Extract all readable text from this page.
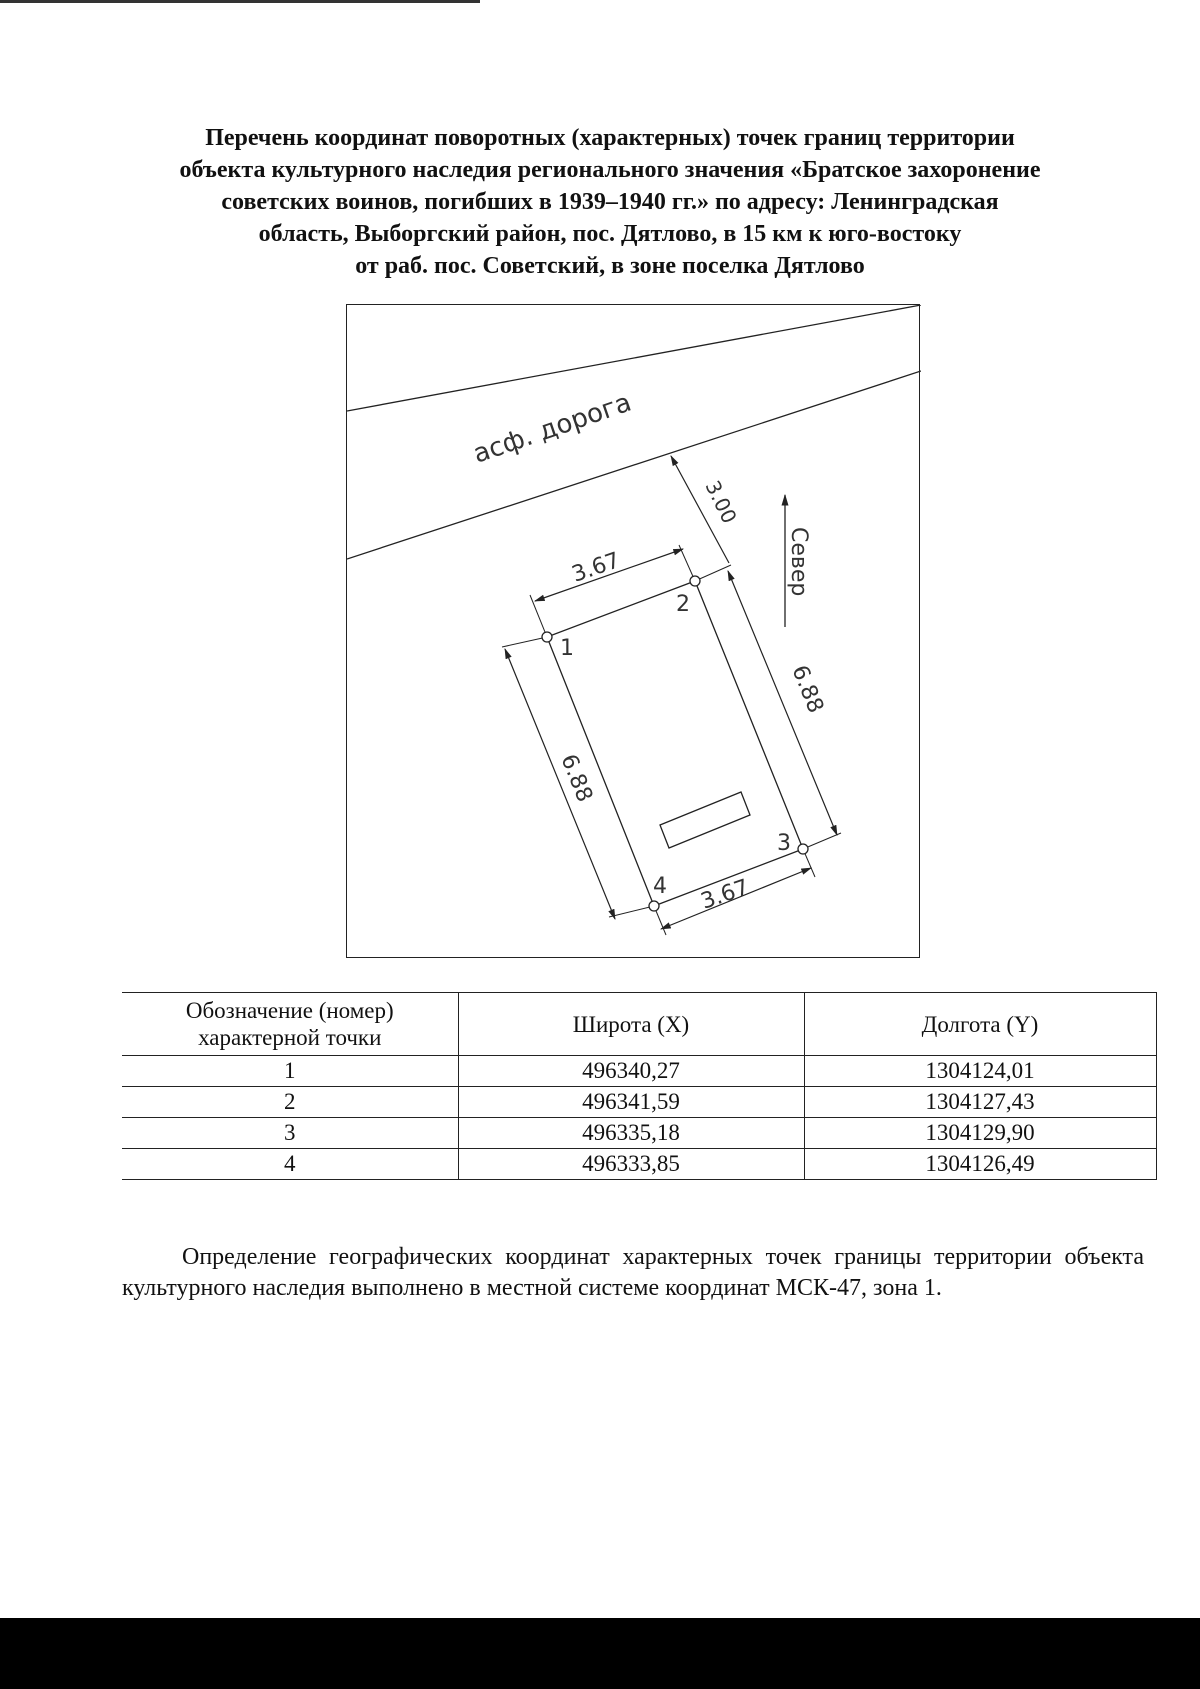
Перечень координат поворотных (характерных) точек границ территории
объекта культурного наследия регионального значения «Братское захоронение
советских воинов, погибших в 1939–1940 гг.» по адресу: Ленинградская
область, Выборгский район, пос. Дятлово, в 15 км к юго-востоку
от раб. пос. Советский, в зоне поселка Дятлово
асф. дорога
3.00
3.67
6.88
6.88
3.67
Север
1
2
3
4
Обозначение (номер) характерной точки	Широта (X)	Долгота (Y)
1	496340,27	1304124,01
2	496341,59	1304127,43
3	496335,18	1304129,90
4	496333,85	1304126,49

Определение географических координат характерных точек границы территории объекта культурного наследия выполнено в местной системе координат МСК-47, зона 1.
